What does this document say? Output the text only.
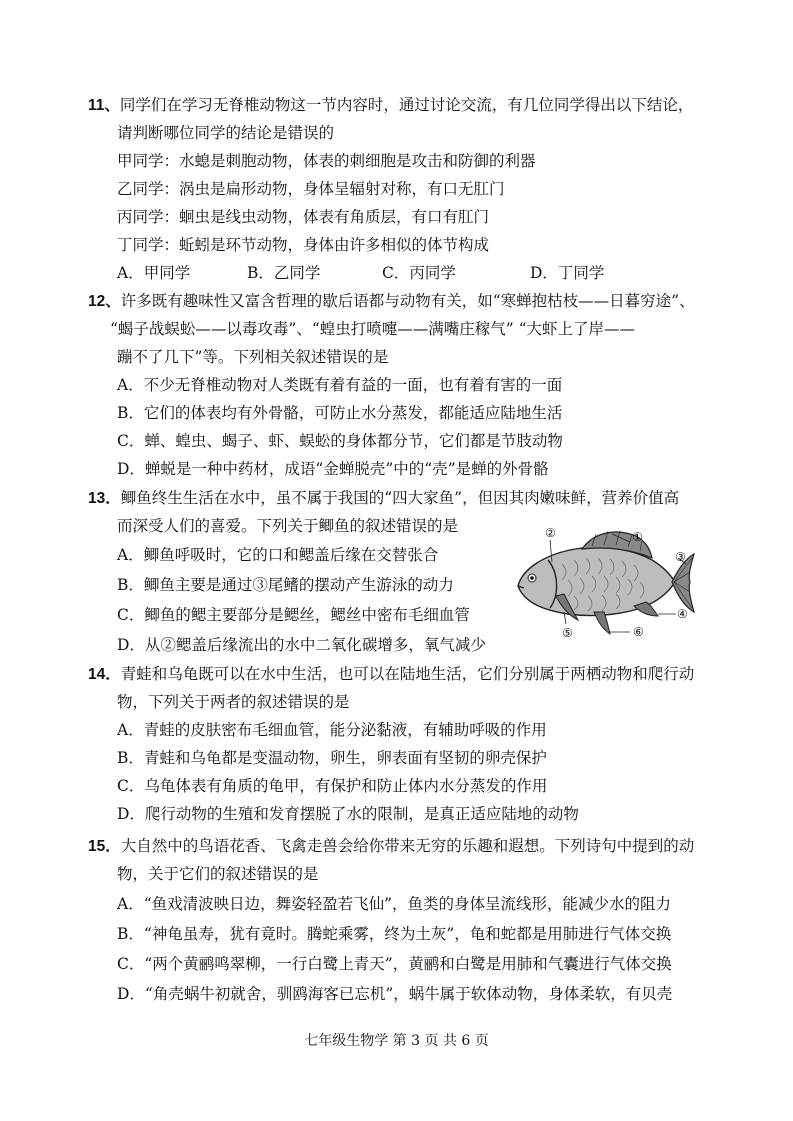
11、同学们在学习无脊椎动物这一节内容时，通过讨论交流，有几位同学得出以下结论，
请判断哪位同学的结论是错误的
甲同学：水螅是刺胞动物，体表的刺细胞是攻击和防御的利器
乙同学：涡虫是扁形动物，身体呈辐射对称，有口无肛门
丙同学：蛔虫是线虫动物，体表有角质层，有口有肛门
丁同学：蚯蚓是环节动物，身体由许多相似的体节构成
A．甲同学	B．乙同学	C．丙同学	D．丁同学
12、许多既有趣味性又富含哲理的歇后语都与动物有关，如“寒蝉抱枯枝——日暮穷途”、
“蝎子战蜈蚣——以毒攻毒”、“蝗虫打喷嚏——满嘴庄稼气” “大虾上了岸——
蹦不了几下”等。下列相关叙述错误的是
A．不少无脊椎动物对人类既有着有益的一面，也有着有害的一面
B．它们的体表均有外骨骼，可防止水分蒸发，都能适应陆地生活
C．蝉、蝗虫、蝎子、虾、蜈蚣的身体都分节，它们都是节肢动物
D．蝉蜕是一种中药材，成语“金蝉脱壳”中的“壳”是蝉的外骨骼
13．鲫鱼终生生活在水中，虽不属于我国的“四大家鱼”，但因其肉嫩味鲜，营养价值高
而深受人们的喜爱。下列关于鲫鱼的叙述错误的是
A．鲫鱼呼吸时，它的口和鳃盖后缘在交替张合
B．鲫鱼主要是通过③尾鳍的摆动产生游泳的动力
C．鲫鱼的鳃主要部分是鳃丝，鳃丝中密布毛细血管
D．从②鳃盖后缘流出的水中二氧化碳增多，氧气减少
①
②
③
④
⑤	⑥
14．青蛙和乌龟既可以在水中生活，也可以在陆地生活，它们分别属于两栖动物和爬行动
物，下列关于两者的叙述错误的是
A．青蛙的皮肤密布毛细血管，能分泌黏液，有辅助呼吸的作用
B．青蛙和乌龟都是变温动物，卵生，卵表面有坚韧的卵壳保护
C．乌龟体表有角质的龟甲，有保护和防止体内水分蒸发的作用
D．爬行动物的生殖和发育摆脱了水的限制，是真正适应陆地的动物
15．大自然中的鸟语花香、飞禽走兽会给你带来无穷的乐趣和遐想。下列诗句中提到的动
物，关于它们的叙述错误的是
A．“鱼戏清波映日边，舞姿轻盈若飞仙”，鱼类的身体呈流线形，能减少水的阻力
B．“神龟虽寿，犹有竟时。腾蛇乘雾，终为土灰”，龟和蛇都是用肺进行气体交换
C．“两个黄鹂鸣翠柳，一行白鹭上青天”，黄鹂和白鹭是用肺和气囊进行气体交换
D．“角壳蜗牛初就舍，驯鸥海客已忘机”，蜗牛属于软体动物，身体柔软，有贝壳
七年级生物学 第 3 页 共 6 页
